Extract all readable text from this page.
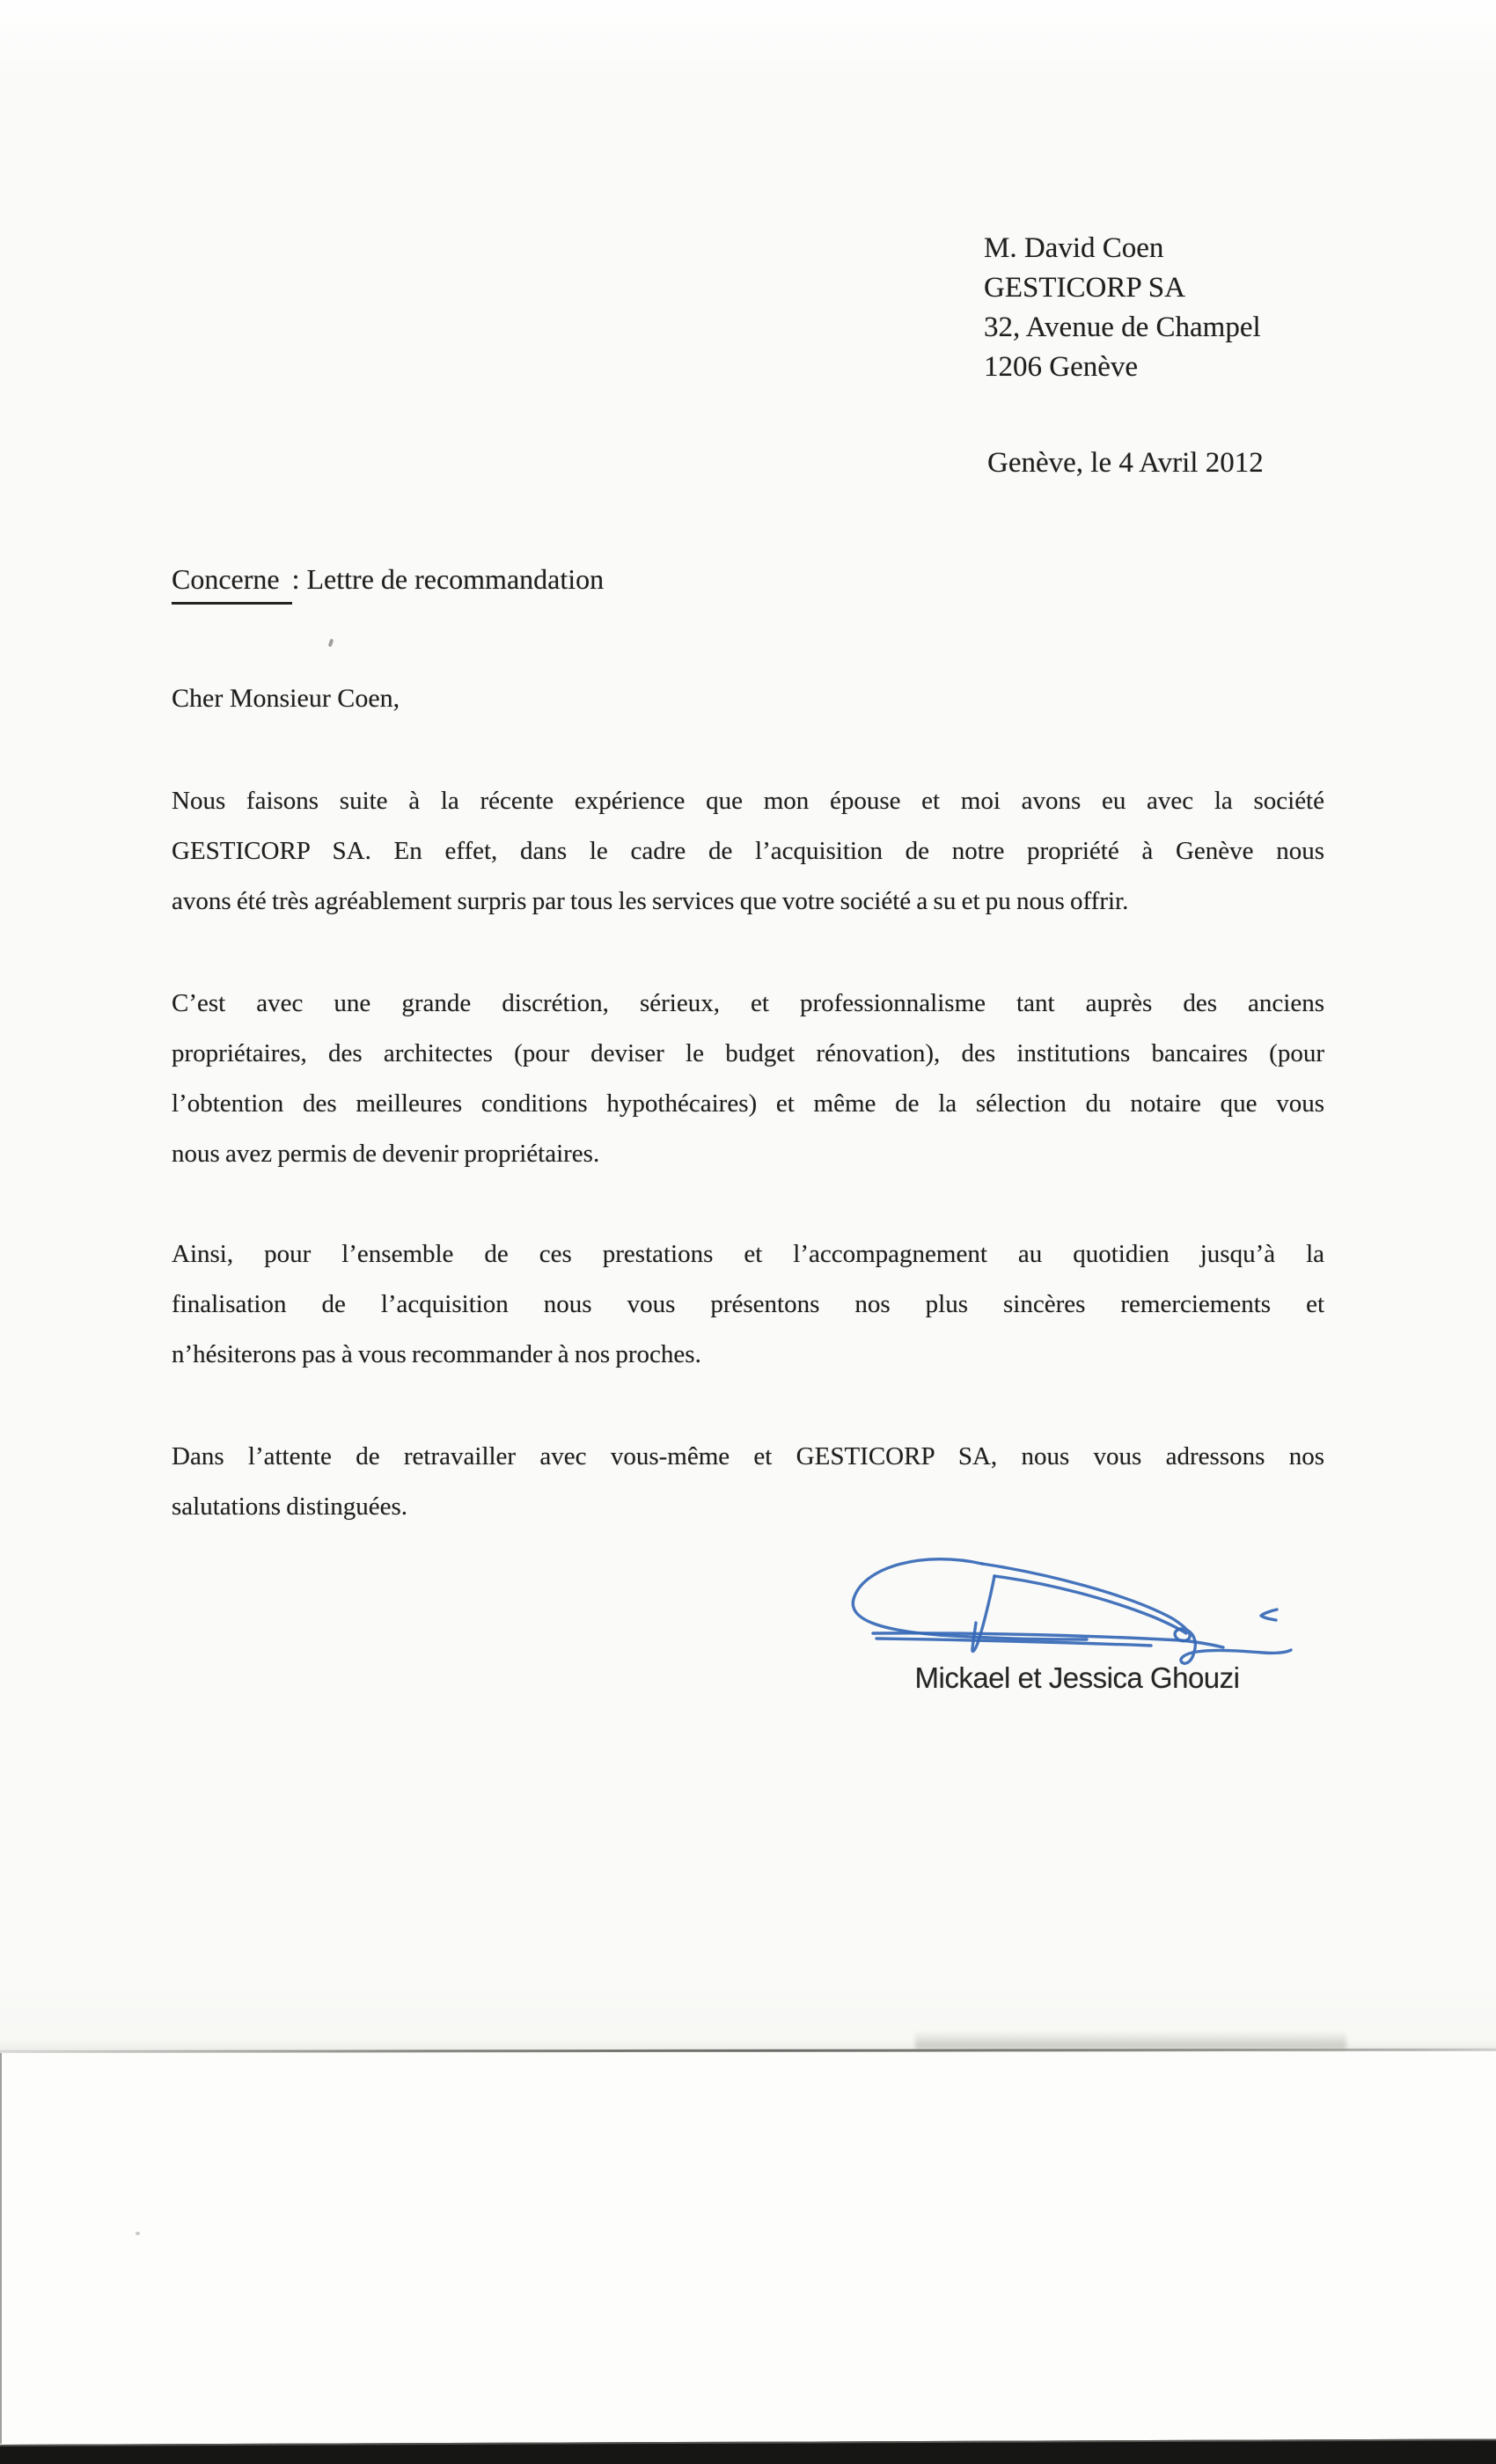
M. David Coen
GESTICORP SA
32, Avenue de Champel
1206 Genève
Genève, le 4 Avril 2012
Concerne : Lettre de recommandation
Cher Monsieur Coen,
Nous faisons suite à la récente expérience que mon épouse et moi avons eu avec la société
GESTICORP SA. En effet, dans le cadre de l’acquisition de notre propriété à Genève nous
avons été très agréablement surpris par tous les services que votre société a su et pu nous offrir.
C’est avec une grande discrétion, sérieux, et professionnalisme tant auprès des anciens
propriétaires, des architectes (pour deviser le budget rénovation), des institutions bancaires (pour
l’obtention des meilleures conditions hypothécaires) et même de la sélection du notaire que vous
nous avez permis de devenir propriétaires.
Ainsi, pour l’ensemble de ces prestations et l’accompagnement au quotidien jusqu’à la
finalisation de l’acquisition nous vous présentons nos plus sincères remerciements et
n’hésiterons pas à vous recommander à nos proches.
Dans l’attente de retravailler avec vous-même et GESTICORP SA, nous vous adressons nos
salutations distinguées.
Mickael et Jessica Ghouzi
